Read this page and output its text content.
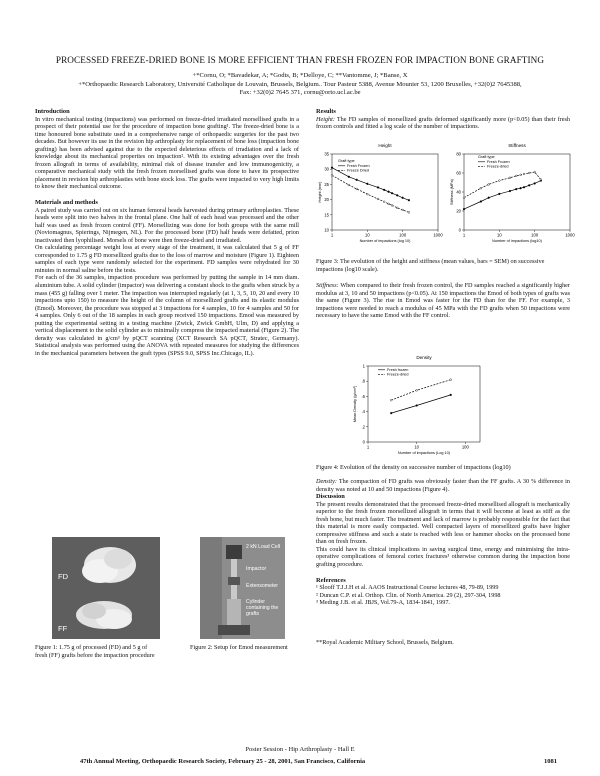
PROCESSED FREEZE-DRIED BONE IS MORE EFFICIENT THAN FRESH FROZEN FOR IMPACTION BONE GRAFTING
+*Cornu, O; *Bavadekar, A; *Godts, B; *Delloye, C; **Vantomme, J; *Banse, X
+*Orthopaedic Research Laboratory, Université Catholique de Louvain, Brussels, Belgium.. Tour Pasteur 5388, Avenue Mounier 53, 1200 Bruxelles, +32(0)2 7645388,
Fax: +32(0)2 7645 371, cornu@orto.ucl.ac.be
Introduction

In vitro mechanical testing (impactions) was performed on freeze-dried irradiated morsellised grafts in a prospect of their potential use for the procedure of impaction bone grafting¹. The freeze-dried bone is a time honoured bone substitute used in a comprehensive range of orthopaedic surgeries for the past two decades. But however its use in the revision hip arthroplasty for replacement of bone loss (impaction bone grafting) has been advised against due to the expected deleterious effects of irradiation and a lack of knowledge about its mechanical properties on impaction². With its existing advantages over the fresh frozen allograft in terms of availability, minimal risk of disease transfer and low immunogenicity, a comparative mechanical study with the fresh frozen morsellised grafts was done to have its prospective placement in revision hip arthroplasties with bone stock loss. The grafts were impacted to very high limits to know their mechanical outcome.

Materials and methods

A paired study was carried out on six human femoral heads harvested during primary arthroplasties. These heads were split into two halves in the frontal plane. One half of each head was processed and the other half was used as fresh frozen control (FF). Morsellizing was done for both groups with the same mill (Noviomagnus, Spierings, Nijmegen, NL). For the processed bone (FD) half heads were defatted, prion inactivated then lyophilised. Morsels of bone were then freeze-dried and irradiated.

On calculating percentage weight loss at every stage of the treatment, it was calculated that 5 g of FF corresponded to 1.75 g FD morsellized grafts due to the loss of marrow and moisture (Figure 1). Eighteen samples of each type were randomly selected for the experiment. FD samples were rehydrated for 30 minutes in normal saline before the tests.

For each of the 36 samples, impaction procedure was performed by putting the sample in 14 mm diam. aluminium tube. A solid cylinder (impactor) was delivering a constant shock to the grafts when struck by a mass (455 g) falling over 1 meter. The impaction was interrupted regularly (at 1, 3, 5, 10, 20 and every 10 impactions upto 150) to measure the height of the column of morsellized grafts and its elastic modulus (Emod). Moreover, the procedure was stopped at 3 impactions for 4 samples, 10 for 4 samples and 50 for 4 samples. Only 6 out of the 18 samples in each group received 150 impactions. Emod was measured by putting the experimental setting in a testing machine (Zwick, Zwick GmbH, Ulm, D) and applying a vertical displacement to the solid cylinder as to minimally compress the impacted material (Figure 2). The density was calculated in g/cm³ by pQCT scanning (XCT Research SA pQCT, Stratec, Germany). Statistical analysis was performed using the ANOVA with repeated measures for studying the differences in the mechanical parameters between the graft types (SPSS 9.0, SPSS Inc.Chicago, IL).

FD
FF
2 kN Load Cell
Impactor
Extensometer
Cylinder containing the grafts
Figure 1: 1.75 g of processed (FD) and 5 g of fresh (FF) grafts before the impaction procedure
Figure 2: Setup for Emod measurement
Results

Height: The FD samples of morsellized grafts deformed significantly more (p<0.05) than their fresh frozen controls and fitted a log scale of the number of impactions.

Height
1	10	100	1000
10
15
20
25
30
35
Number of impactions (log 10)
Height (mm)
Graft type
Fresh Frozen
Freeze Dried
Stiffness
1	10	100	1000
0
20
40
60
80
Number of impactions (log10)
Stiffness (MPa)
Graft type
Fresh Frozen
Freeze-dried
Figure 3: The evolution of the height and stiffness (mean values, bars = SEM) on successive impactions (log10 scale).

Stiffness: When compared to their fresh frozen control, the FD samples reached a significantly higher modulus at 3, 10 and 50 impactions (p<0.05). At 150 impactions the Emod of both types of grafts was the same (Figure 3). The rise in Emod was faster for the FD than for the FF. For example, 3 impactions were needed to reach a modulus of 45 MPa with the FD grafts when 50 impactions were necessary to have the same Emod with the FF control.

Density
1	10	100
0
.2
.4
.6
.8
1
Number of impactions (Log 10)
Mean Density (g/cm³)
Fresh frozen
Freeze-dried
Figure 4: Evolution of the density on successive number of impactions (log10)

Density: The compaction of FD grafts was obviously faster than the FF grafts. A 30 % difference in density was noted at 10 and 50 impactions (Figure 4).

Discussion

The present results demonstrated that the processed freeze-dried morsellised allograft is mechanically superior to the fresh frozen morsellized allograft in terms that it will become at least as stiff as the fresh bone, but much faster. The treatment and lack of marrow is probably responsible for the fact that this material is more easily compacted. Well compacted layers of morsellized grafts have higher compressive stiffness and such a state is reached with less or hammer shocks on the processed bone than on fresh frozen.

This could have its clinical implications in saving surgical time, energy and minimising the intra-operative complications of femoral cortex fractures³ otherwise common during the impaction bone grafting procedure.

References
¹ Slooff T.J.J.H et al. AAOS Instructional Course lectures 48, 79-89, 1999
² Duncan C.P. et al. Orthop. Clin. of North America. 29 (2), 297-304, 1998
³ Meding J.B. et al. JBJS, Vol.79-A, 1834-1841, 1997.
**Royal Academic Military School, Brussels, Belgium.
Poster Session - Hip Arthroplasty - Hall E
47th Annual Meeting, Orthopaedic Research Society, February 25 - 28, 2001, San Francisco, California	1081
